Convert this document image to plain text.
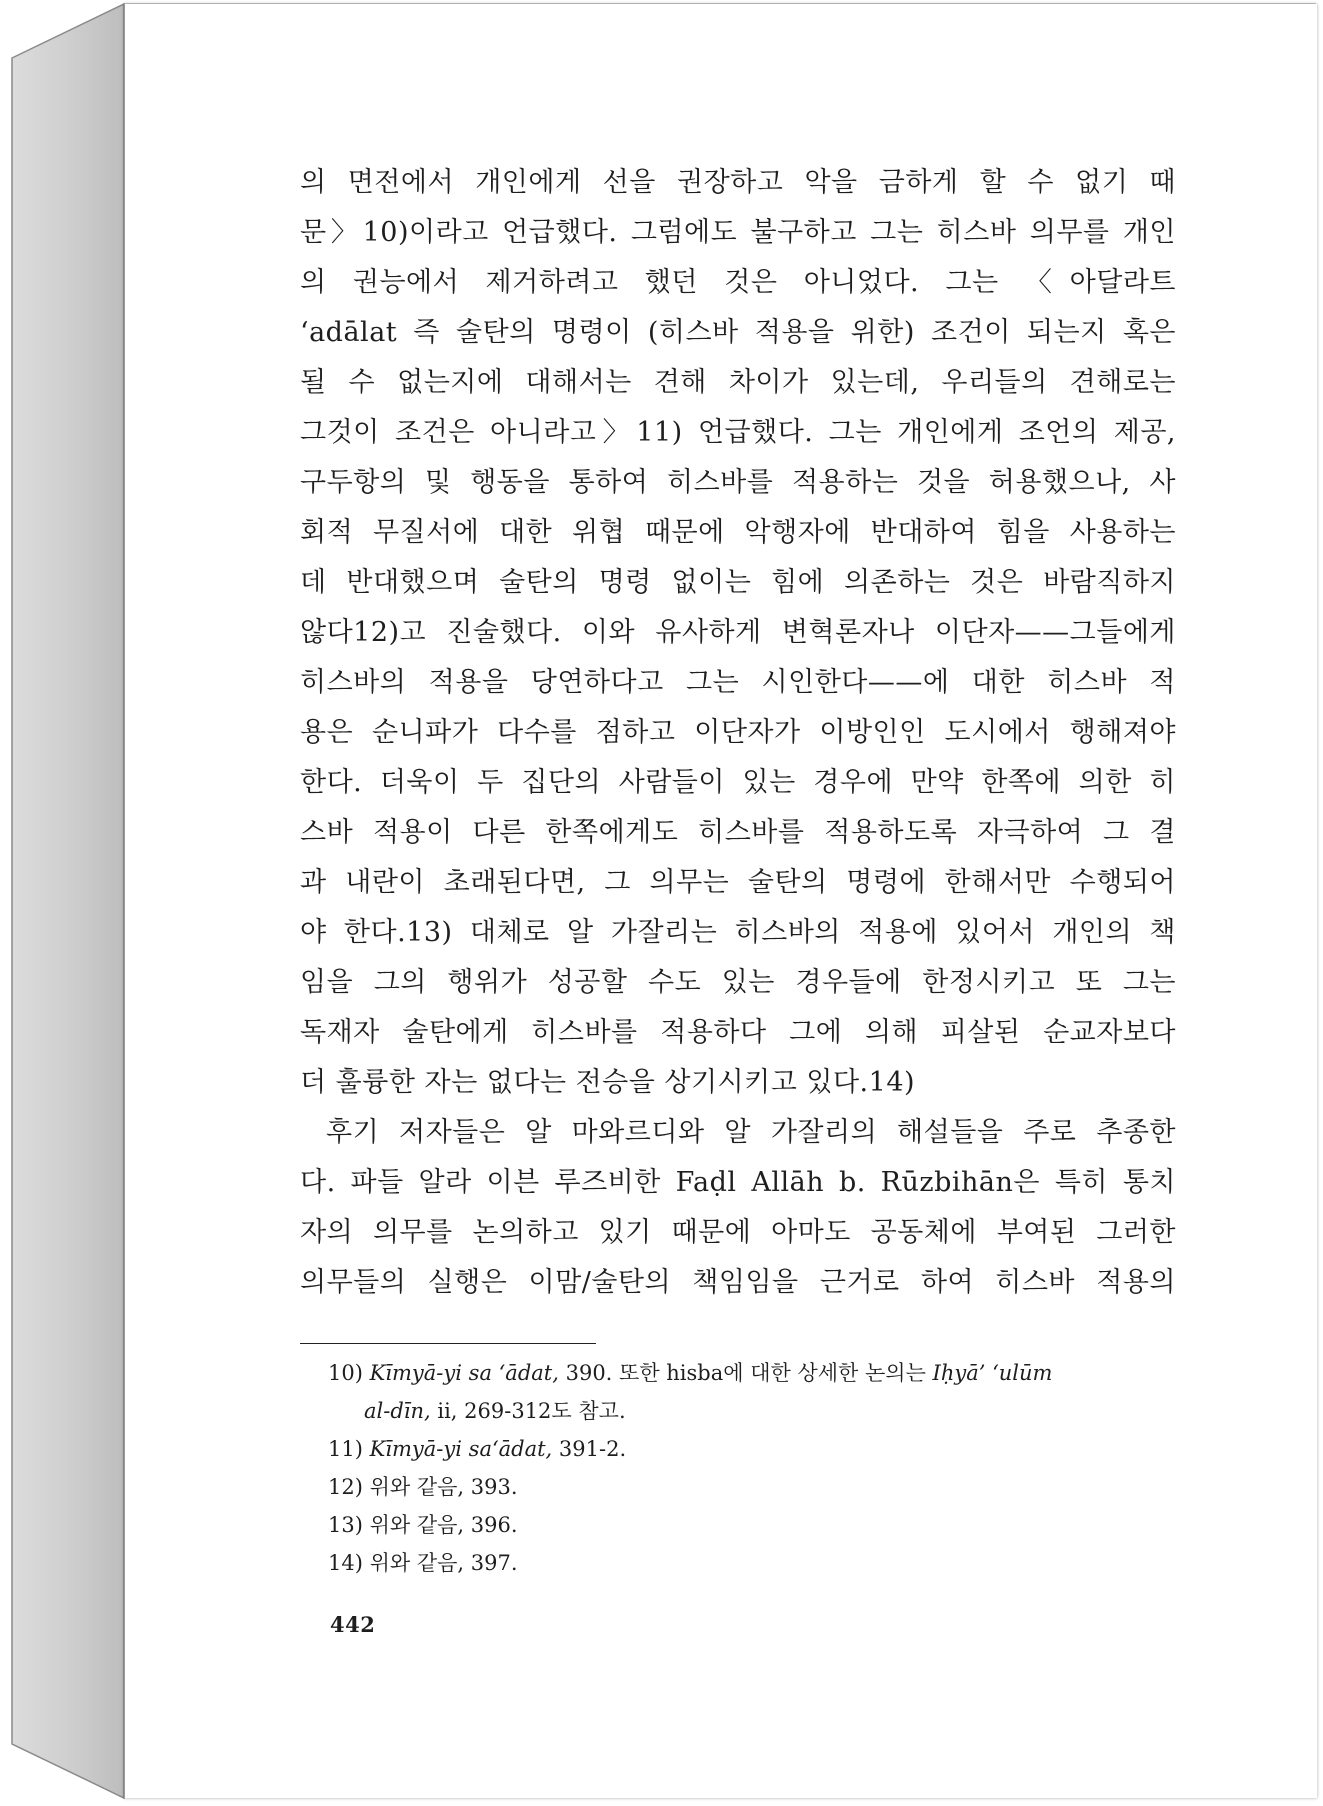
의 면전에서 개인에게 선을 권장하고 악을 금하게 할 수 없기 때
문〉10)이라고 언급했다. 그럼에도 불구하고 그는 히스바 의무를 개인
의 권능에서 제거하려고 했던 것은 아니었다. 그는 〈아달라트
‘adālat 즉 술탄의 명령이 (히스바 적용을 위한) 조건이 되는지 혹은
될 수 없는지에 대해서는 견해 차이가 있는데, 우리들의 견해로는
그것이 조건은 아니라고〉11) 언급했다. 그는 개인에게 조언의 제공,
구두항의 및 행동을 통하여 히스바를 적용하는 것을 허용했으나, 사
회적 무질서에 대한 위협 때문에 악행자에 반대하여 힘을 사용하는
데 반대했으며 술탄의 명령 없이는 힘에 의존하는 것은 바람직하지
않다12)고 진술했다. 이와 유사하게 변혁론자나 이단자——그들에게
히스바의 적용을 당연하다고 그는 시인한다——에 대한 히스바 적
용은 순니파가 다수를 점하고 이단자가 이방인인 도시에서 행해져야
한다. 더욱이 두 집단의 사람들이 있는 경우에 만약 한쪽에 의한 히
스바 적용이 다른 한쪽에게도 히스바를 적용하도록 자극하여 그 결
과 내란이 초래된다면, 그 의무는 술탄의 명령에 한해서만 수행되어
야 한다.13) 대체로 알 가잘리는 히스바의 적용에 있어서 개인의 책
임을 그의 행위가 성공할 수도 있는 경우들에 한정시키고 또 그는
독재자 술탄에게 히스바를 적용하다 그에 의해 피살된 순교자보다
더 훌륭한 자는 없다는 전승을 상기시키고 있다.14)
후기 저자들은 알 마와르디와 알 가잘리의 해설들을 주로 추종한
다. 파들 알라 이븐 루즈비한 Faḍl Allāh b. Rūzbihān은 특히 통치
자의 의무를 논의하고 있기 때문에 아마도 공동체에 부여된 그러한
의무들의 실행은 이맘/술탄의 책임임을 근거로 하여 히스바 적용의
10) Kīmyā-yi sa ‘ādat, 390. 또한 hisba에 대한 상세한 논의는 Iḥyā’ ‘ulūm
al-dīn, ii, 269-312도 참고.
11) Kīmyā-yi sa‘ādat, 391-2.
12) 위와 같음, 393.
13) 위와 같음, 396.
14) 위와 같음, 397.
442
